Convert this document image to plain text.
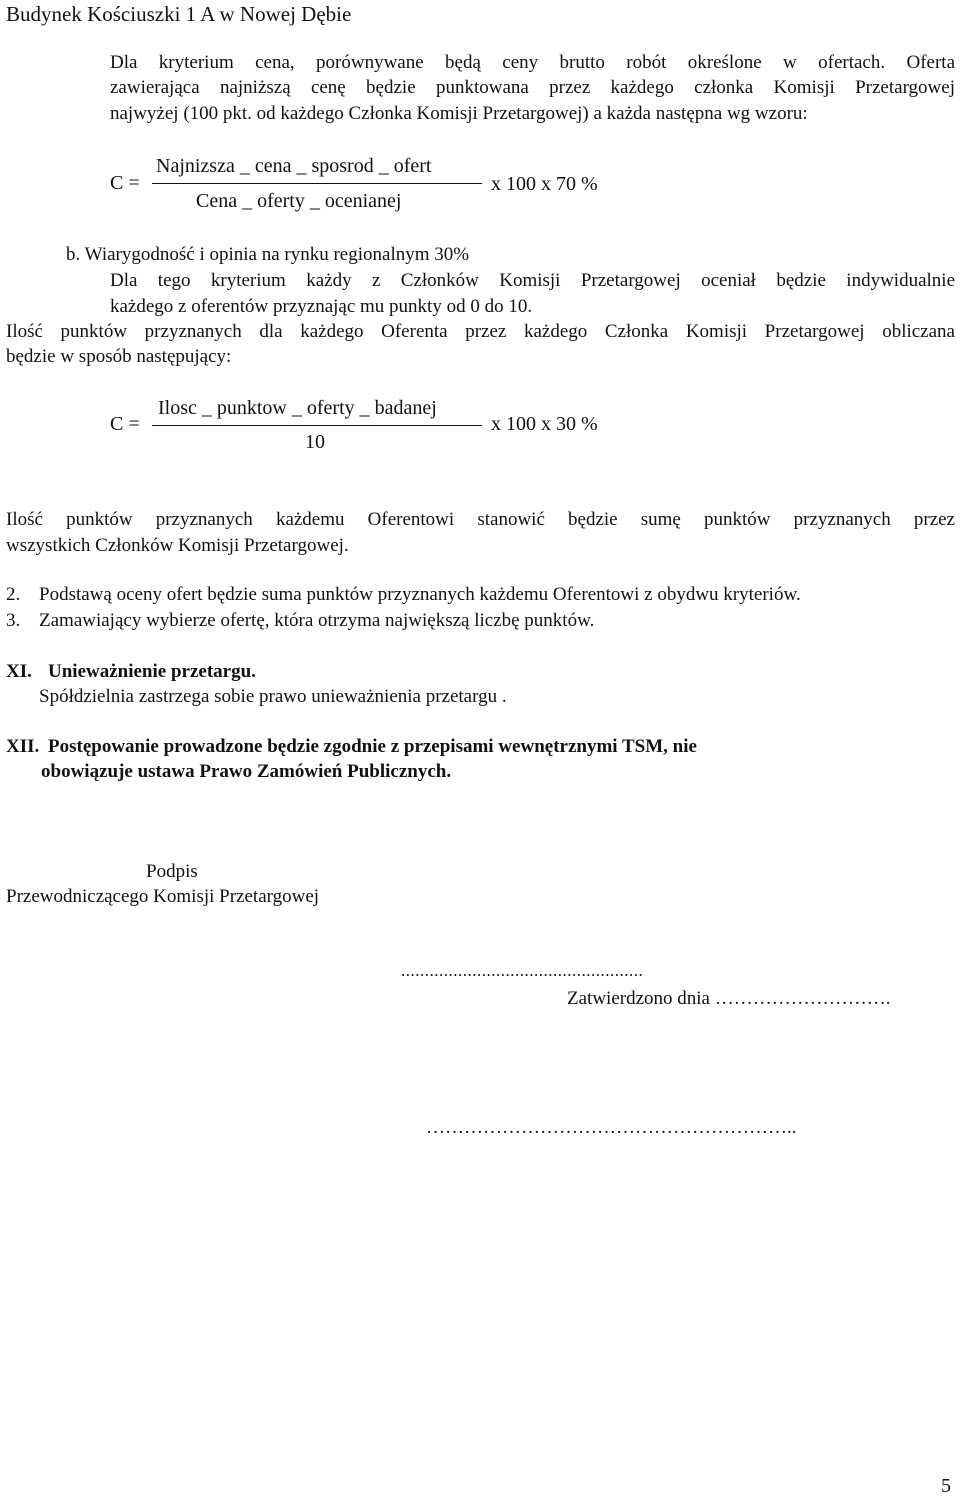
Budynek Kościuszki 1 A w Nowej Dębie
Dla kryterium cena, porównywane będą ceny brutto robót określone w ofertach. Oferta
zawierająca najniższą cenę będzie punktowana przez każdego członka Komisji Przetargowej
najwyżej (100 pkt. od każdego Członka Komisji Przetargowej) a każda następna wg wzoru:
C =
Najnizsza _ cena _ sposrod _ ofert
Cena _ oferty _ ocenianej
x 100 x 70 %
b. Wiarygodność i opinia na rynku regionalnym 30%
Dla tego kryterium każdy z Członków Komisji Przetargowej oceniał będzie indywidualnie
każdego z oferentów przyznając mu punkty od 0 do 10.
Ilość punktów przyznanych dla każdego Oferenta przez każdego Członka Komisji Przetargowej obliczana
będzie w sposób następujący:
C =
Ilosc _ punktow _ oferty _ badanej
10
x 100 x 30 %
Ilość punktów przyznanych każdemu Oferentowi stanowić będzie sumę punktów przyznanych przez
wszystkich Członków Komisji Przetargowej.
2. Podstawą oceny ofert będzie suma punktów przyznanych każdemu Oferentowi z obydwu kryteriów.
3. Zamawiający wybierze ofertę, która otrzyma największą liczbę punktów.
XI. Unieważnienie przetargu.
Spółdzielnia zastrzega sobie prawo unieważnienia przetargu .
XII. Postępowanie prowadzone będzie zgodnie z przepisami wewnętrznymi TSM, nie
obowiązuje ustawa Prawo Zamówień Publicznych.
Podpis
Przewodniczącego Komisji Przetargowej
...................................................
Zatwierdzono dnia ……………………….
…………………………………………………..
5
